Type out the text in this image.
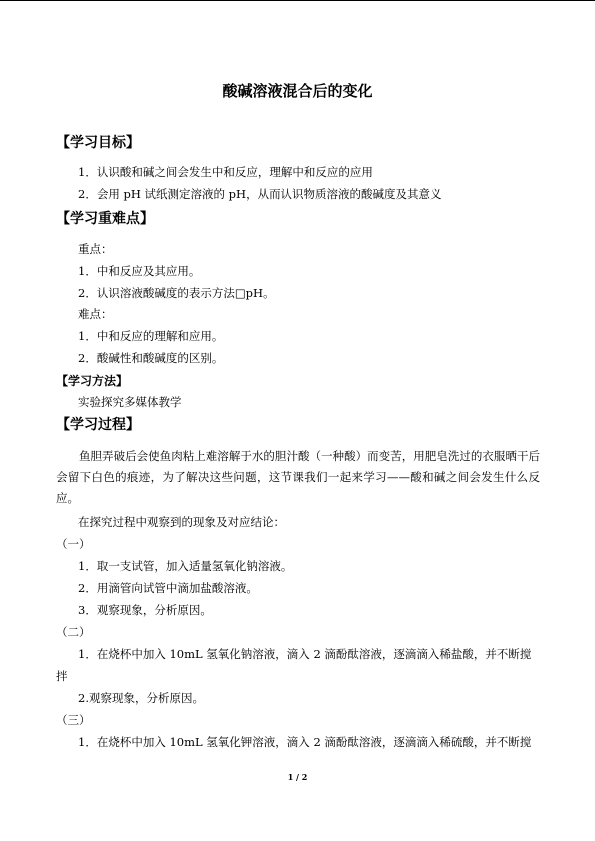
酸碱溶液混合后的变化
【学习目标】
1．认识酸和碱之间会发生中和反应，理解中和反应的应用
2．会用 pH 试纸测定溶液的 pH，从而认识物质溶液的酸碱度及其意义
【学习重难点】
重点：
1．中和反应及其应用。
2．认识溶液酸碱度的表示方法□pH。
难点：
1．中和反应的理解和应用。
2．酸碱性和酸碱度的区别。
【学习方法】
实验探究多媒体教学
【学习过程】
鱼胆弄破后会使鱼肉粘上难溶解于水的胆汁酸（一种酸）而变苦，用肥皂洗过的衣服晒干后会留下白色的痕迹，为了解决这些问题，这节课我们一起来学习——酸和碱之间会发生什么反应。
在探究过程中观察到的现象及对应结论：
（一）
1．取一支试管，加入适量氢氧化钠溶液。
2．用滴管向试管中滴加盐酸溶液。
3．观察现象，分析原因。
（二）
1．在烧杯中加入 10mL 氢氧化钠溶液，滴入 2 滴酚酞溶液，逐滴滴入稀盐酸，并不断搅
拌
2.观察现象，分析原因。
（三）
1．在烧杯中加入 10mL 氢氧化钾溶液，滴入 2 滴酚酞溶液，逐滴滴入稀硫酸，并不断搅
1 / 2
